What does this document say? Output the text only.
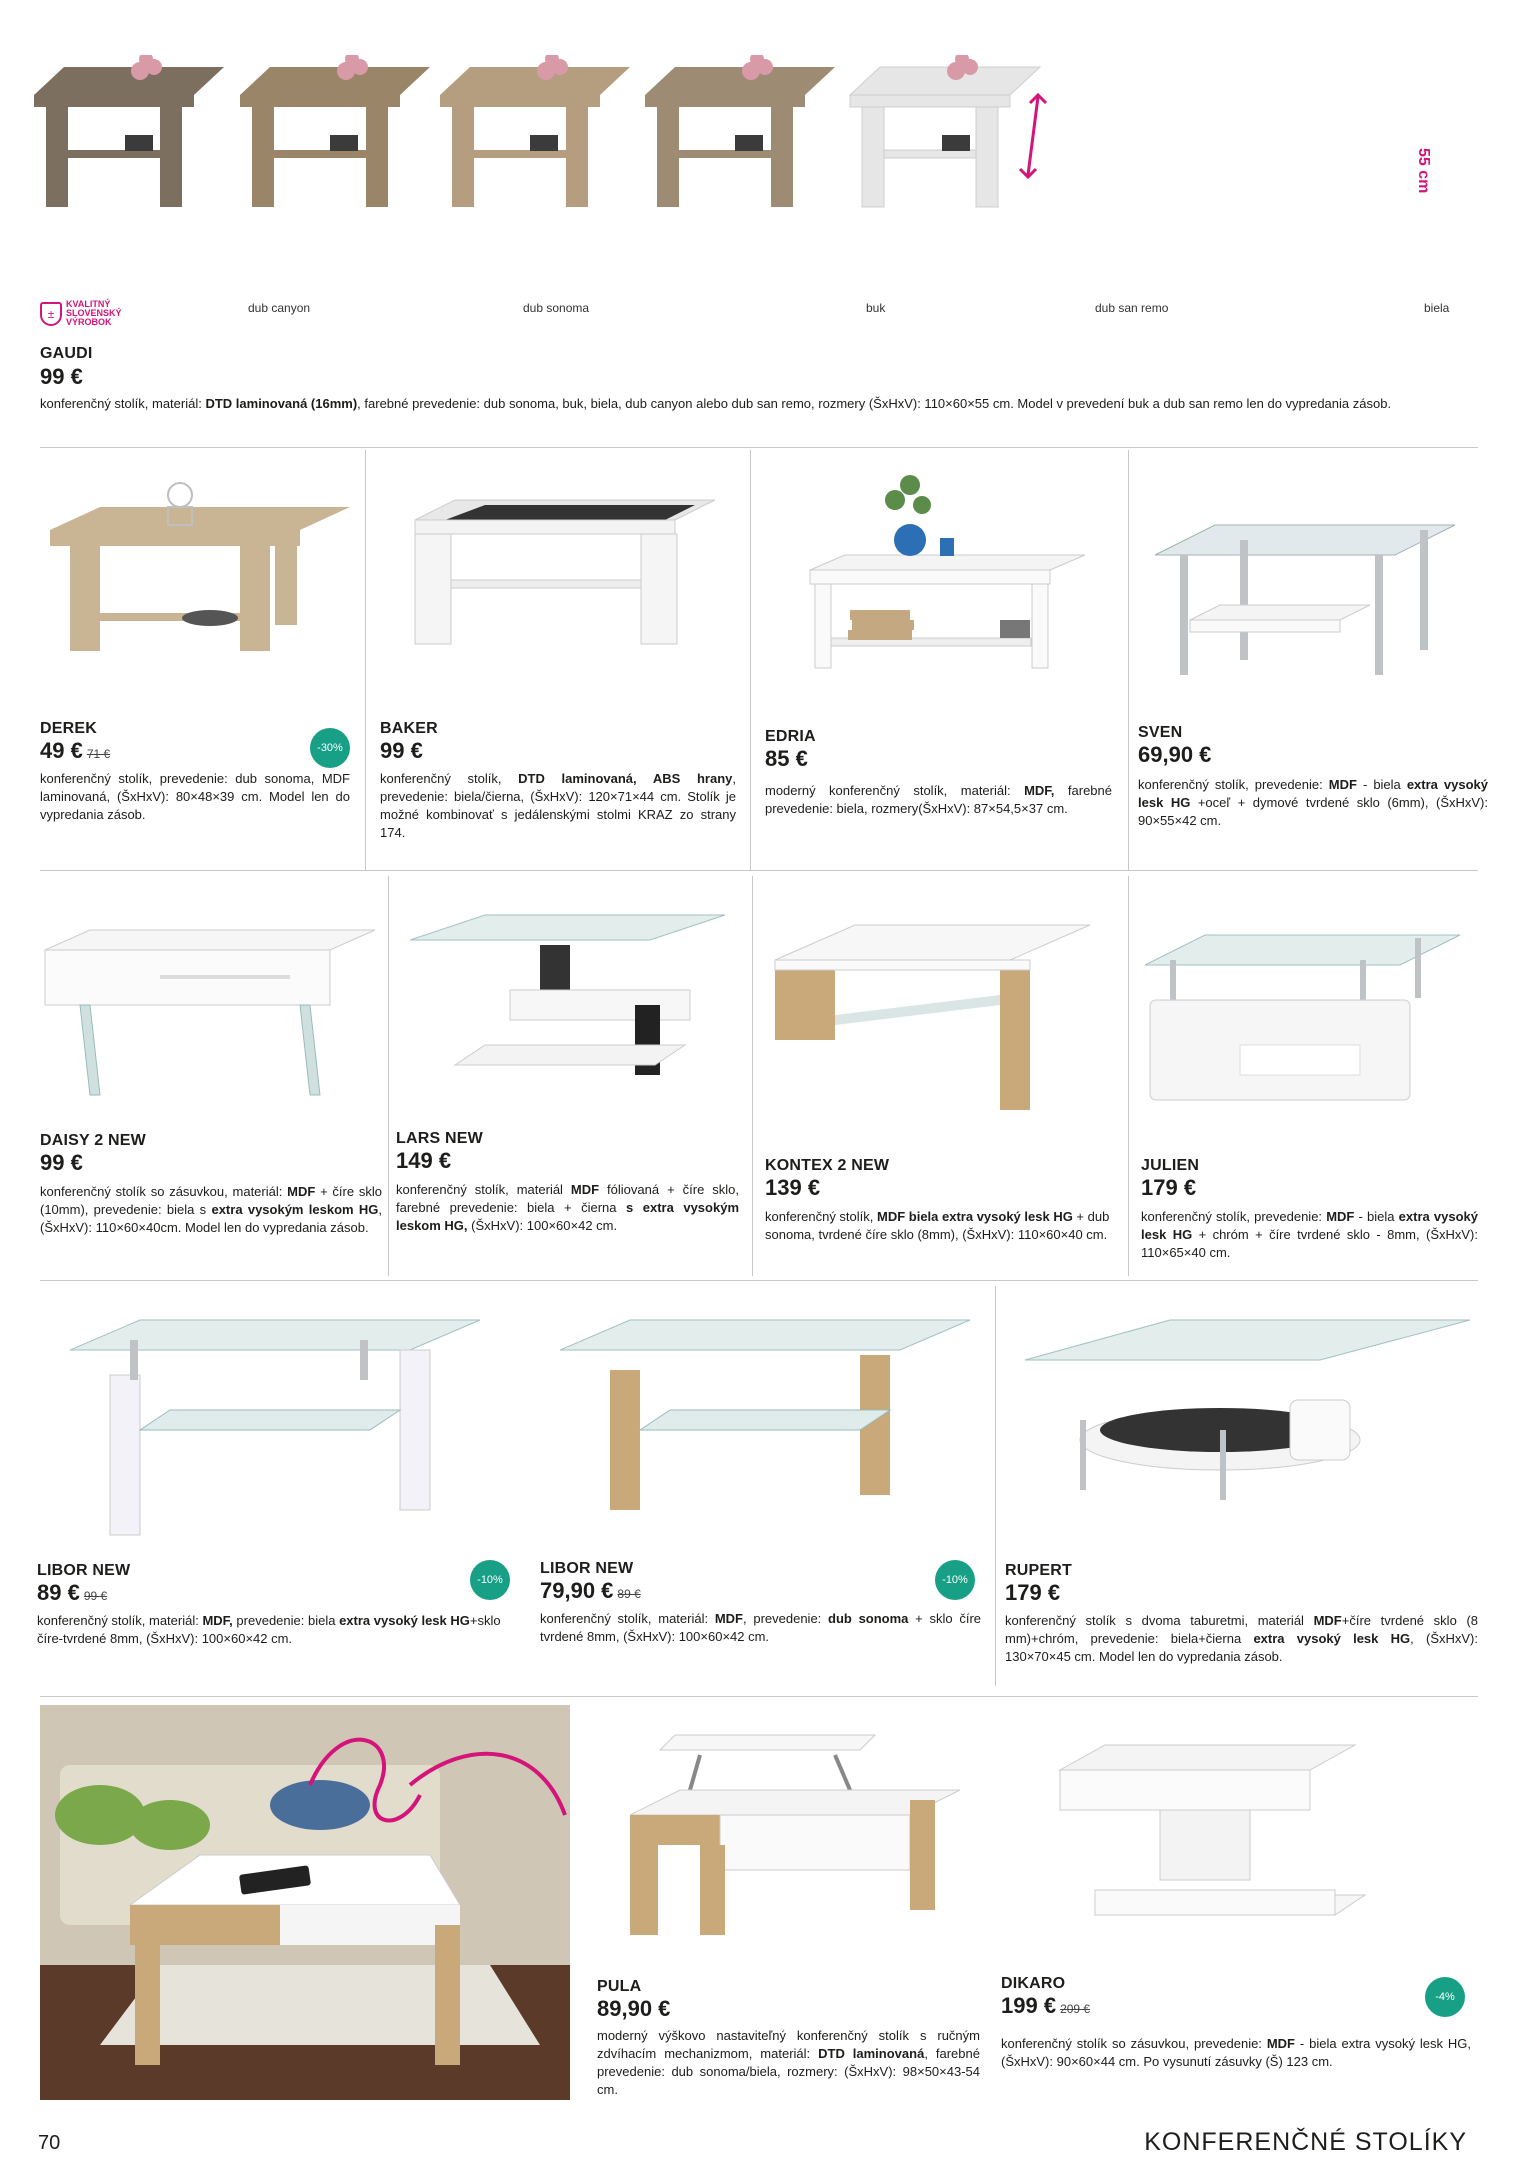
55 cm
±
KVALITNÝ
SLOVENSKÝ
VÝROBOK
dub canyon	dub sonoma	buk	dub san remo	biela
GAUDI
99 €
konferenčný stolík, materiál: DTD laminovaná (16mm), farebné prevedenie: dub sonoma, buk, biela, dub canyon alebo dub san remo, rozmery (ŠxHxV): 110×60×55 cm. Model v prevedení buk a dub san remo len do vypredania zásob.
DEREK
49 € 71 €	-30%
konferenčný stolík, prevedenie: dub sonoma, MDF laminovaná, (ŠxHxV): 80×48×39 cm. Model len do vypredania zásob.
BAKER
99 €
konferenčný stolík, DTD laminovaná, ABS hrany, prevedenie: biela/čierna, (ŠxHxV): 120×71×44 cm. Stolík je možné kombinovať s jedálenskými stolmi KRAZ zo strany 174.
EDRIA
85 €
moderný konferenčný stolík, materiál: MDF, farebné prevedenie: biela, rozmery(ŠxHxV): 87×54,5×37 cm.
SVEN
69,90 €
konferenčný stolík, prevedenie: MDF - biela extra vysoký lesk HG +oceľ + dymové tvrdené sklo (6mm), (ŠxHxV): 90×55×42 cm.
DAISY 2 NEW
99 €
konferenčný stolík so zásuvkou, materiál: MDF + číre sklo (10mm), prevedenie: biela s extra vysokým leskom HG, (ŠxHxV): 110×60×40cm. Model len do vypredania zásob.
LARS NEW
149 €
konferenčný stolík, materiál MDF fóliovaná + číre sklo, farebné prevedenie: biela + čierna s extra vysokým leskom HG, (ŠxHxV): 100×60×42 cm.
KONTEX 2 NEW
139 €
konferenčný stolík, MDF biela extra vysoký lesk HG + dub sonoma, tvrdené číre sklo (8mm), (ŠxHxV): 110×60×40 cm.
JULIEN
179 €
konferenčný stolík, prevedenie: MDF - biela extra vysoký lesk HG + chróm + číre tvrdené sklo - 8mm, (ŠxHxV): 110×65×40 cm.
LIBOR NEW
89 € 99 €
-10%
konferenčný stolík, materiál: MDF, prevedenie: biela extra vysoký lesk HG+sklo číre-tvrdené 8mm, (ŠxHxV): 100×60×42 cm.
LIBOR NEW
79,90 € 89 €
-10%
konferenčný stolík, materiál: MDF, prevedenie: dub sonoma + sklo číre tvrdené 8mm, (ŠxHxV): 100×60×42 cm.
RUPERT
179 €
konferenčný stolík s dvoma taburetmi, materiál MDF+číre tvrdené sklo (8 mm)+chróm, prevedenie: biela+čierna extra vysoký lesk HG, (ŠxHxV): 130×70×45 cm. Model len do vypredania zásob.
PULA
89,90 €
moderný výškovo nastaviteľný konferenčný stolík s ručným zdvíhacím mechanizmom, materiál: DTD laminovaná, farebné prevedenie: dub sonoma/biela, rozmery: (ŠxHxV): 98×50×43-54 cm.
DIKARO
199 € 209 €
-4%
konferenčný stolík so zásuvkou, prevedenie: MDF - biela extra vysoký lesk HG, (ŠxHxV): 90×60×44 cm. Po vysunutí zásuvky (Š) 123 cm.
70	KONFERENČNÉ STOLÍKY
